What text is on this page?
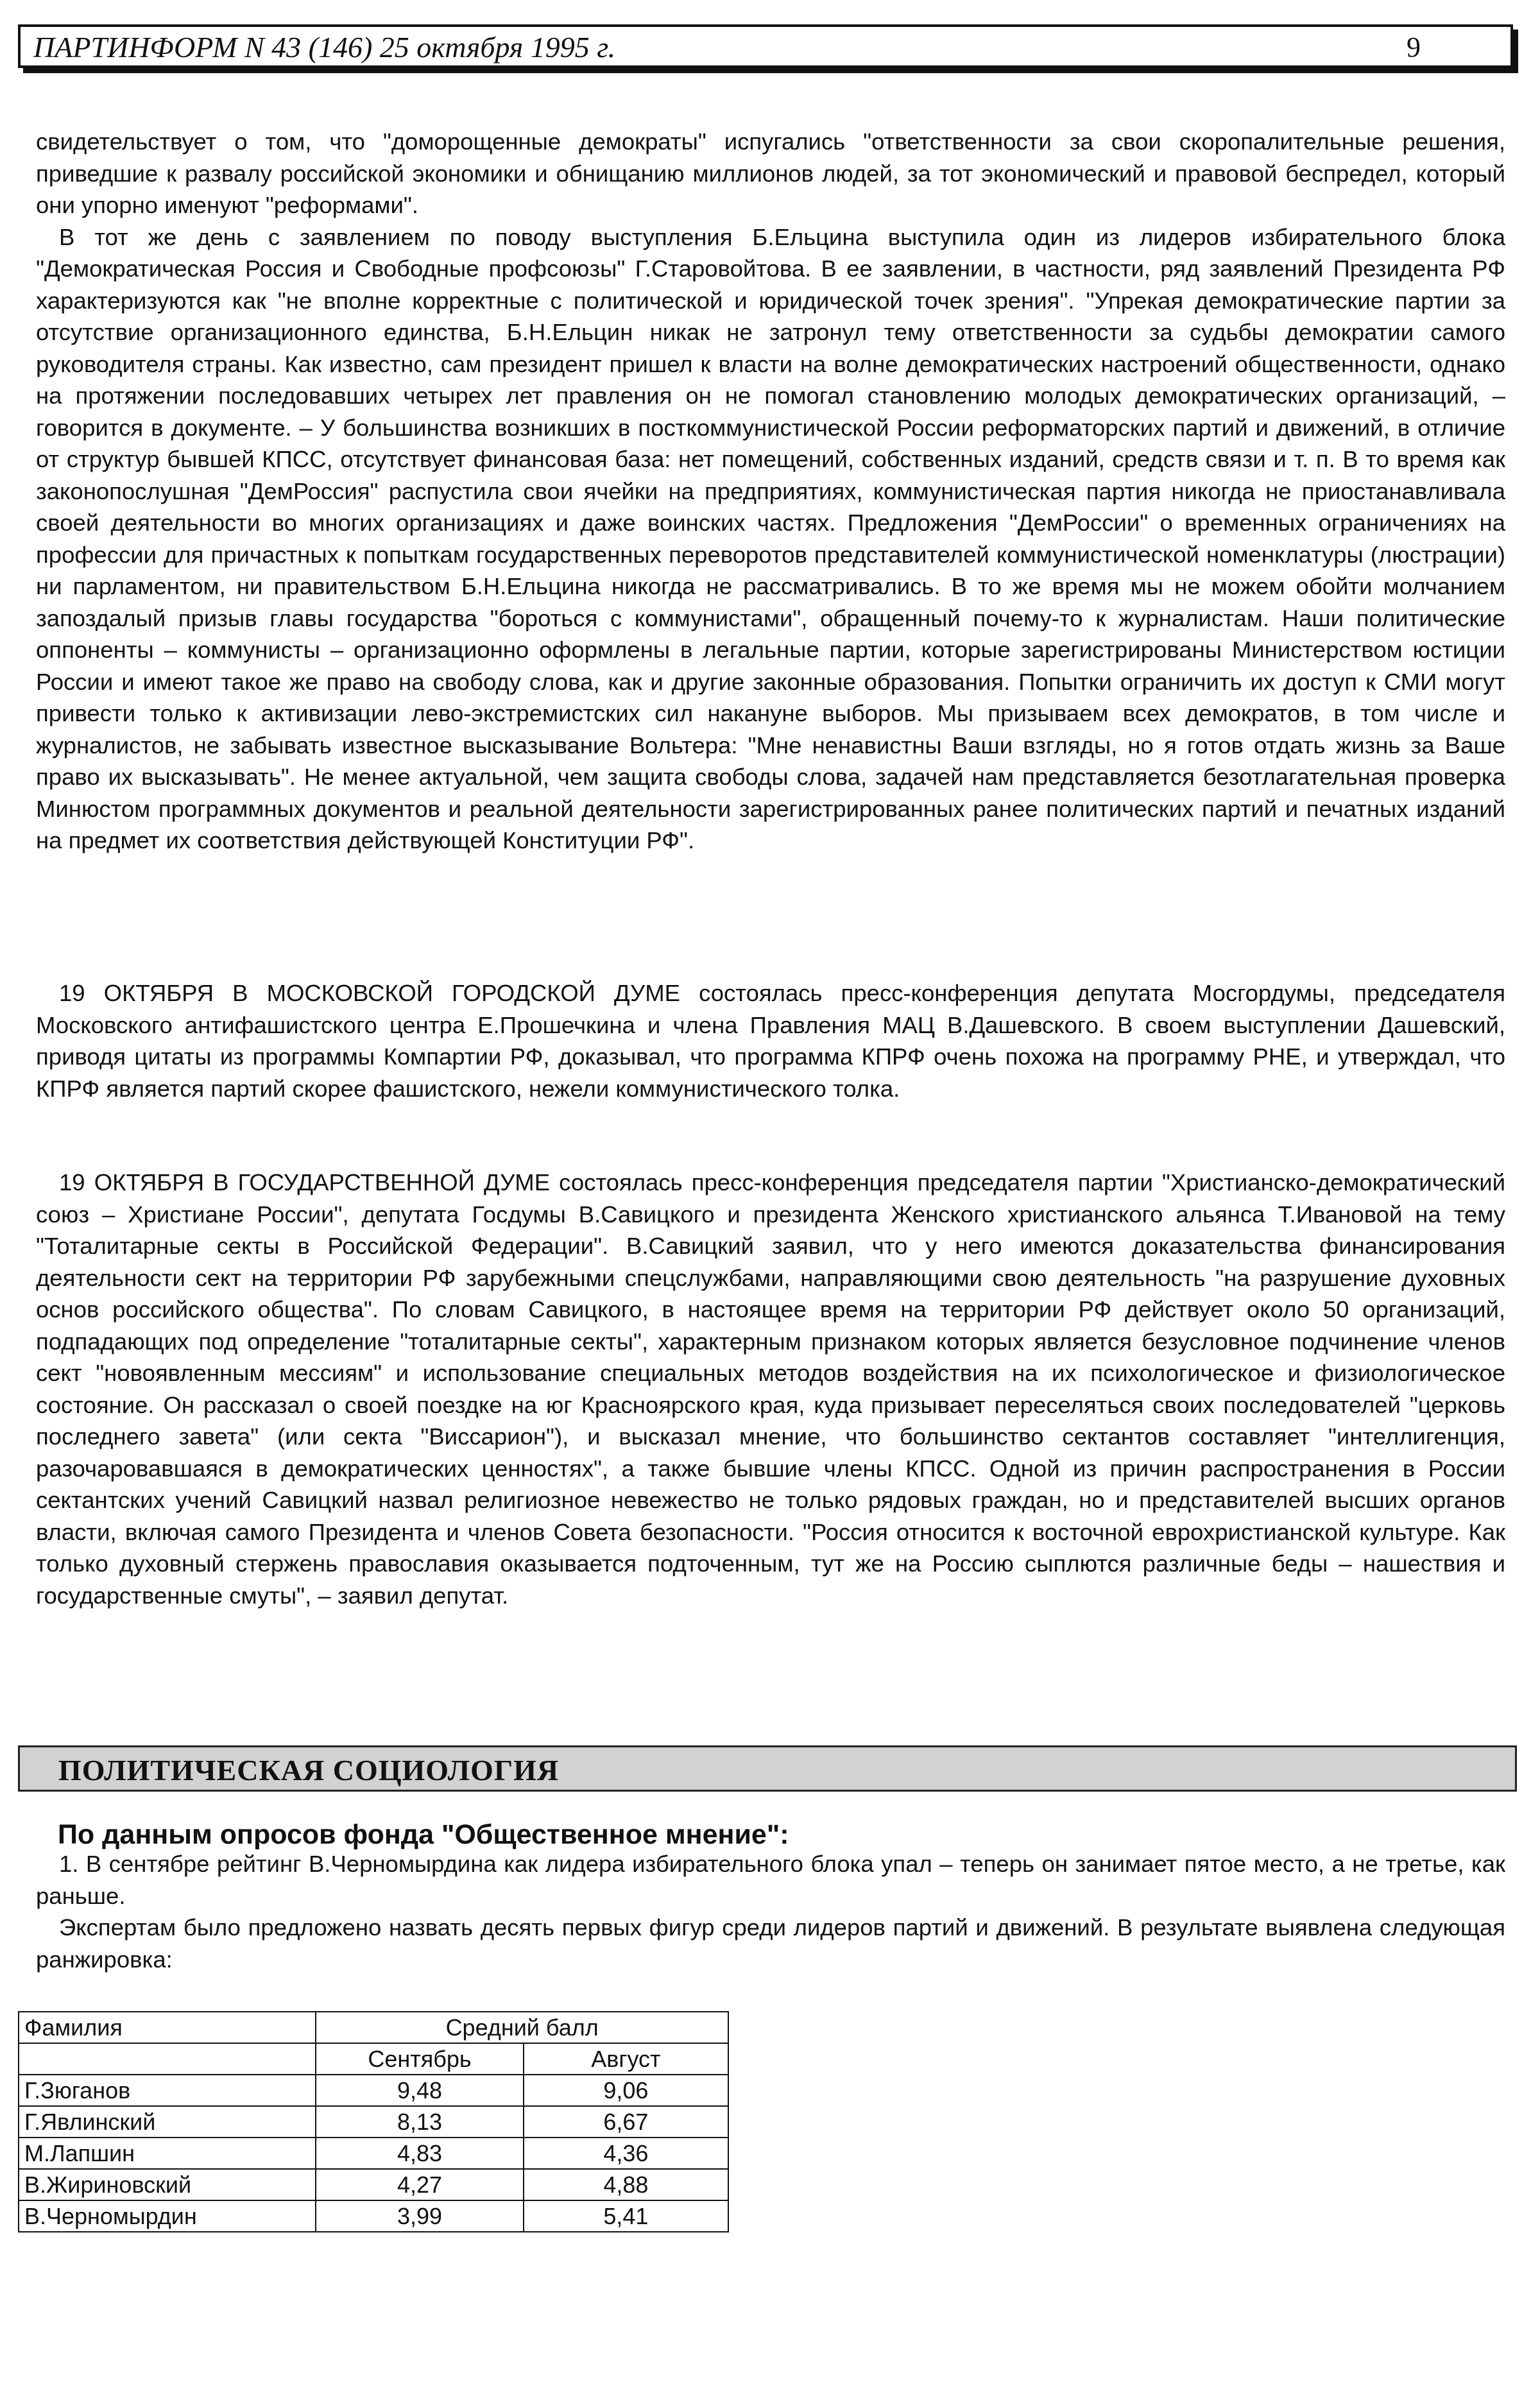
ПАРТИНФОРМ N 43 (146) 25 октября 1995 г.	9

свидетельствует о том, что "доморощенные демократы" испугались "ответственности за свои скоропалительные решения, приведшие к развалу российской экономики и обнищанию миллионов людей, за тот экономический и правовой беспредел, который они упорно именуют "реформами".

В тот же день с заявлением по поводу выступления Б.Ельцина выступила один из лидеров избирательного блока "Демократическая Россия и Свободные профсоюзы" Г.Старовойтова. В ее заявлении, в частности, ряд заявлений Президента РФ характеризуются как "не вполне корректные с политической и юридической точек зрения". "Упрекая демократические партии за отсутствие организационного единства, Б.Н.Ельцин никак не затронул тему ответственности за судьбы демократии самого руководителя страны. Как известно, сам президент пришел к власти на волне демократических настроений общественности, однако на протяжении последовавших четырех лет правления он не помогал становлению молодых демократических организаций, – говорится в документе. – У большинства возникших в посткоммунистической России реформаторских партий и движений, в отличие от структур бывшей КПСС, отсутствует финансовая база: нет помещений, собственных изданий, средств связи и т. п. В то время как законопослушная "ДемРоссия" распустила свои ячейки на предприятиях, коммунистическая партия никогда не приостанавливала своей деятельности во многих организациях и даже воинских частях. Предложения "ДемРоссии" о временных ограничениях на профессии для причастных к попыткам государственных переворотов представителей коммунистической номенклатуры (люстрации) ни парламентом, ни правительством Б.Н.Ельцина никогда не рассматривались. В то же время мы не можем обойти молчанием запоздалый призыв главы государства "бороться с коммунистами", обращенный почему-то к журналистам. Наши политические оппоненты – коммунисты – организационно оформлены в легальные партии, которые зарегистрированы Министерством юстиции России и имеют такое же право на свободу слова, как и другие законные образования. Попытки ограничить их доступ к СМИ могут привести только к активизации лево-экстремистских сил накануне выборов. Мы призываем всех демократов, в том числе и журналистов, не забывать известное высказывание Вольтера: "Мне ненавистны Ваши взгляды, но я готов отдать жизнь за Ваше право их высказывать". Не менее актуальной, чем защита свободы слова, задачей нам представляется безотлагательная проверка Минюстом программных документов и реальной деятельности зарегистрированных ранее политических партий и печатных изданий на предмет их соответствия действующей Конституции РФ".

19 ОКТЯБРЯ В МОСКОВСКОЙ ГОРОДСКОЙ ДУМЕ состоялась пресс-конференция депутата Мосгордумы, председателя Московского антифашистского центра Е.Прошечкина и члена Правления МАЦ В.Дашевского. В своем выступлении Дашевский, приводя цитаты из программы Компартии РФ, доказывал, что программа КПРФ очень похожа на программу РНЕ, и утверждал, что КПРФ является партий скорее фашистского, нежели коммунистического толка.

19 ОКТЯБРЯ В ГОСУДАРСТВЕННОЙ ДУМЕ состоялась пресс-конференция председателя партии "Христианско-демократический союз – Христиане России", депутата Госдумы В.Савицкого и президента Женского христианского альянса Т.Ивановой на тему "Тоталитарные секты в Российской Федерации". В.Савицкий заявил, что у него имеются доказательства финансирования деятельности сект на территории РФ зарубежными спецслужбами, направляющими свою деятельность "на разрушение духовных основ российского общества". По словам Савицкого, в настоящее время на территории РФ действует около 50 организаций, подпадающих под определение "тоталитарные секты", характерным признаком которых является безусловное подчинение членов сект "новоявленным мессиям" и использование специальных методов воздействия на их психологическое и физиологическое состояние. Он рассказал о своей поездке на юг Красноярского края, куда призывает переселяться своих последователей "церковь последнего завета" (или секта "Виссарион"), и высказал мнение, что большинство сектантов составляет "интеллигенция, разочаровавшаяся в демократических ценностях", а также бывшие члены КПСС. Одной из причин распространения в России сектантских учений Савицкий назвал религиозное невежество не только рядовых граждан, но и представителей высших органов власти, включая самого Президента и членов Совета безопасности. "Россия относится к восточной еврохристианской культуре. Как только духовный стержень православия оказывается подточенным, тут же на Россию сыплются различные беды – нашествия и государственные смуты", – заявил депутат.

ПОЛИТИЧЕСКАЯ СОЦИОЛОГИЯ
По данным опросов фонда "Общественное мнение":

1. В сентябре рейтинг В.Черномырдина как лидера избирательного блока упал – теперь он занимает пятое место, а не третье, как раньше.

Экспертам было предложено назвать десять первых фигур среди лидеров партий и движений. В результате выявлена следующая ранжировка:

Фамилия	Средний балл	
	Сентябрь	Август
Г.Зюганов	9,48	9,06
Г.Явлинский	8,13	6,67
М.Лапшин	4,83	4,36
В.Жириновский	4,27	4,88
В.Черномырдин	3,99	5,41
